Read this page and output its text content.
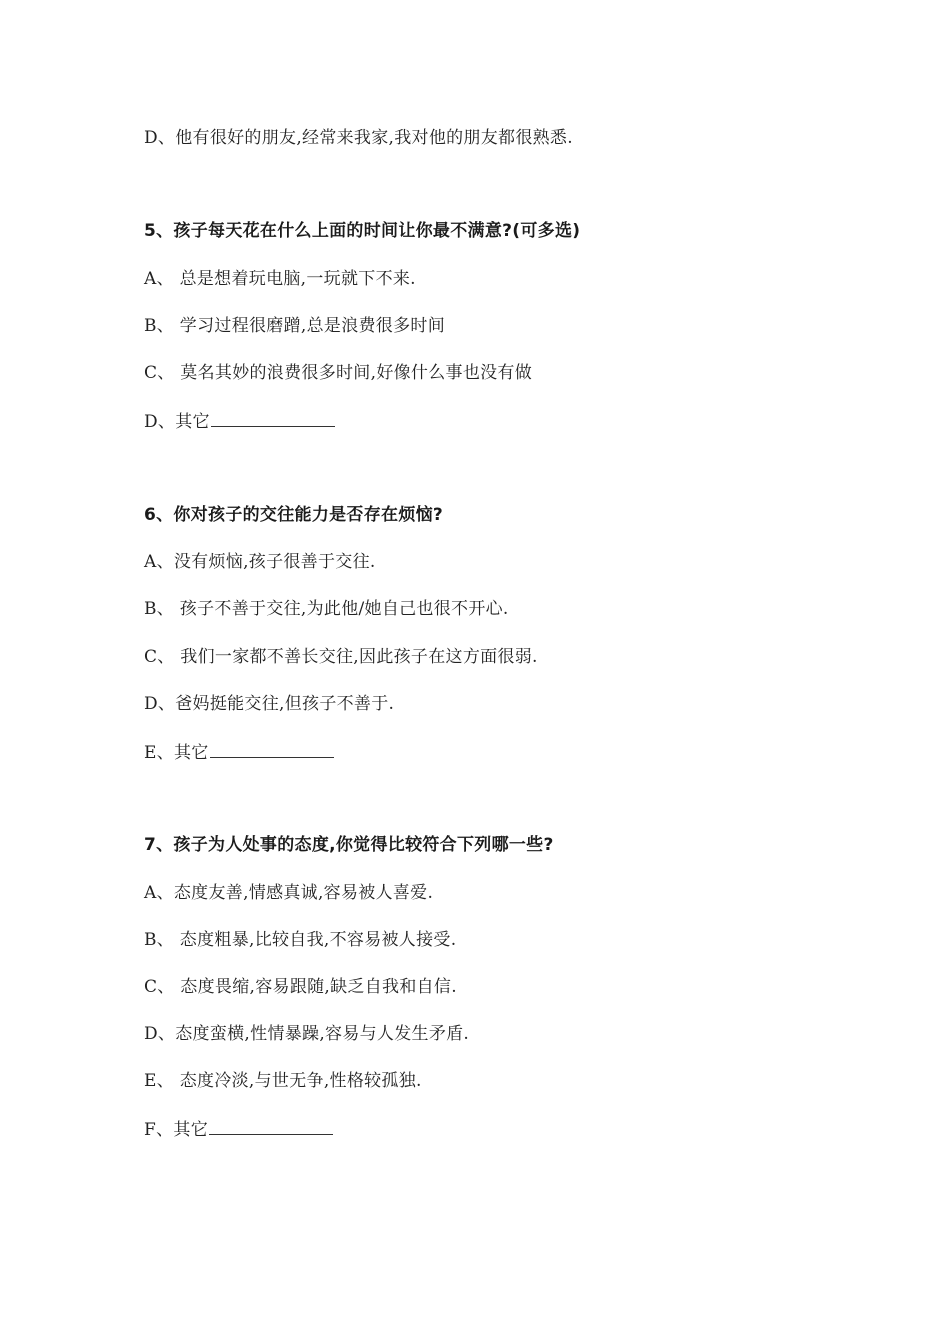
D、他有很好的朋友,经常来我家,我对他的朋友都很熟悉.
5、孩子每天花在什么上面的时间让你最不满意?(可多选)
A、 总是想着玩电脑,一玩就下不来.
B、 学习过程很磨蹭,总是浪费很多时间
C、 莫名其妙的浪费很多时间,好像什么事也没有做
D、其它
6、你对孩子的交往能力是否存在烦恼?
A、没有烦恼,孩子很善于交往.
B、 孩子不善于交往,为此他/她自己也很不开心.
C、 我们一家都不善长交往,因此孩子在这方面很弱.
D、爸妈挺能交往,但孩子不善于.
E、其它
7、孩子为人处事的态度,你觉得比较符合下列哪一些?
A、态度友善,情感真诚,容易被人喜爱.
B、 态度粗暴,比较自我,不容易被人接受.
C、 态度畏缩,容易跟随,缺乏自我和自信.
D、态度蛮横,性情暴躁,容易与人发生矛盾.
E、 态度冷淡,与世无争,性格较孤独.
F、其它
